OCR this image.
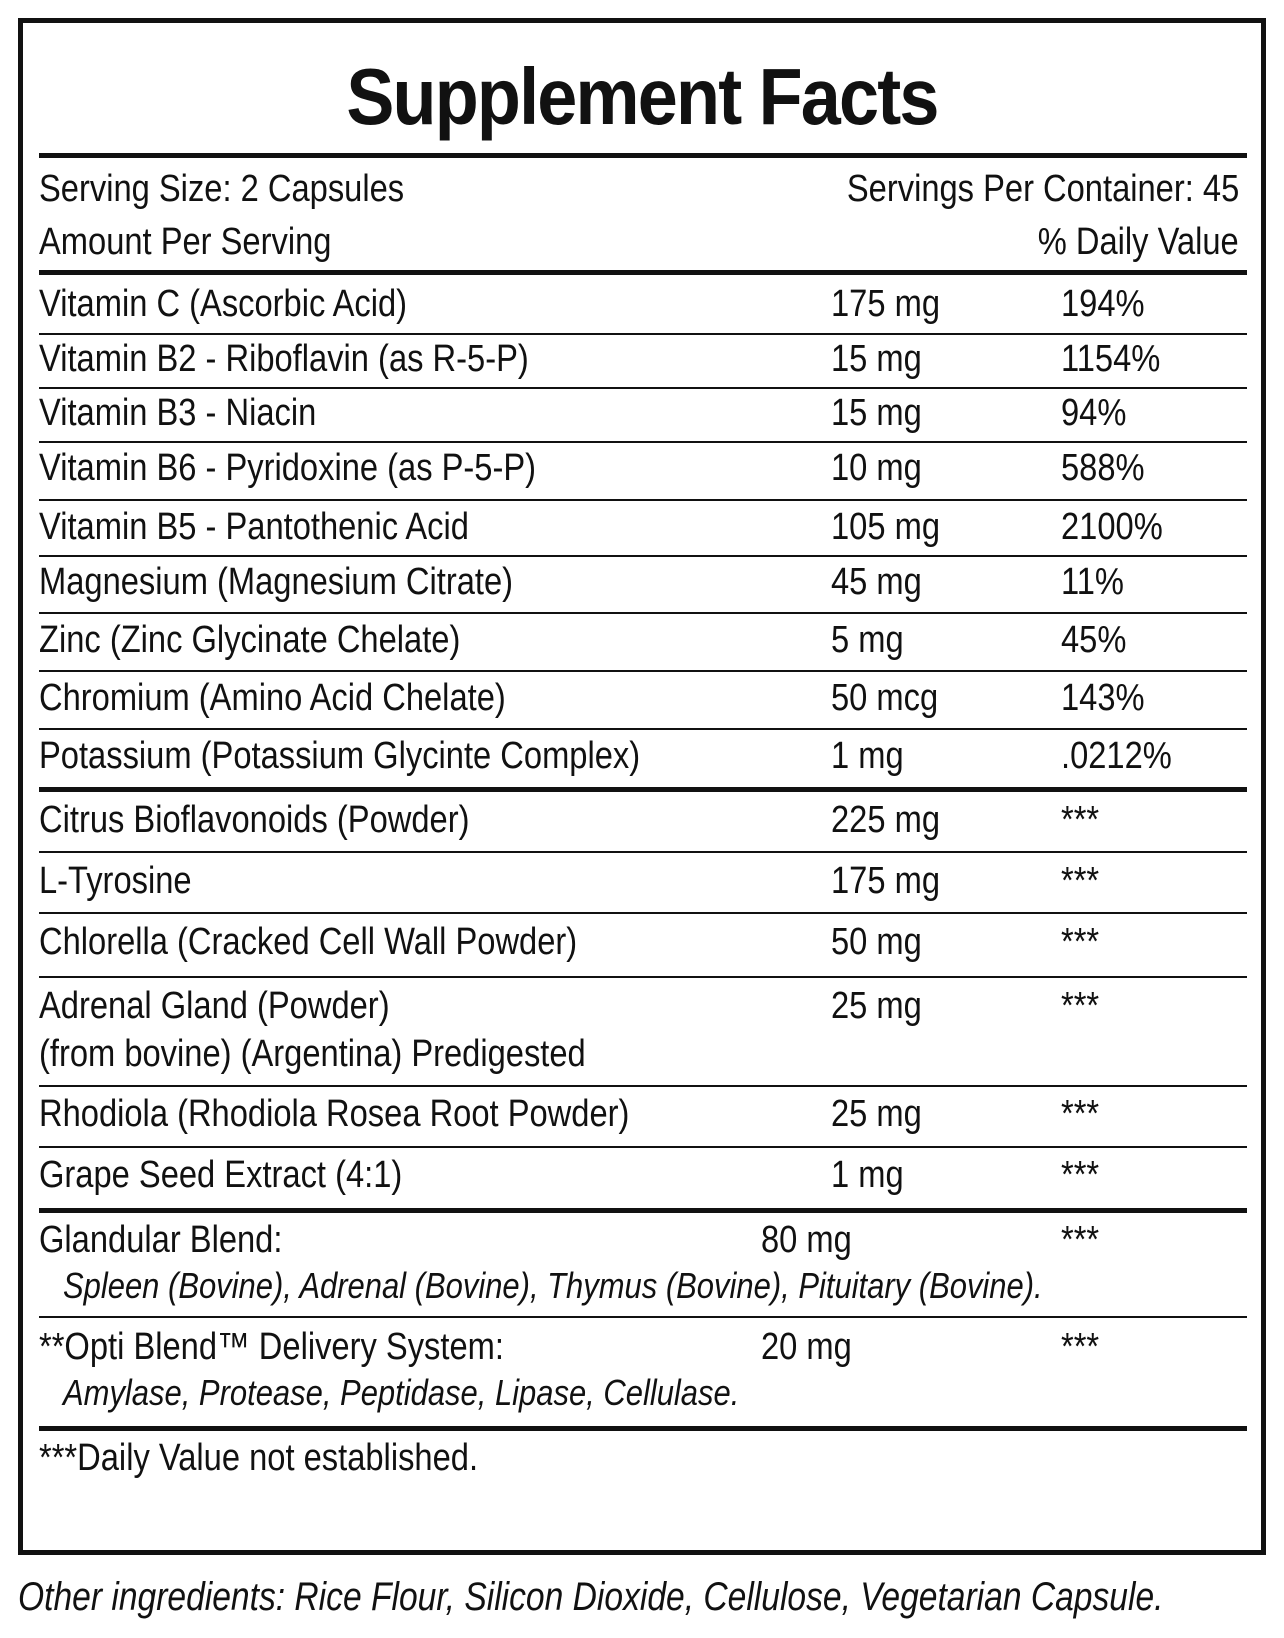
Supplement Facts
Serving Size: 2 Capsules	Servings Per Container: 45
Amount Per Serving	% Daily Value
Vitamin C (Ascorbic Acid)	175 mg	194%
Vitamin B2 - Riboflavin (as R-5-P)	15 mg	1154%
Vitamin B3 - Niacin	15 mg	94%
Vitamin B6 - Pyridoxine (as P-5-P)	10 mg	588%
Vitamin B5 - Pantothenic Acid	105 mg	2100%
Magnesium (Magnesium Citrate)	45 mg	11%
Zinc (Zinc Glycinate Chelate)	5 mg	45%
Chromium (Amino Acid Chelate)	50 mcg	143%
Potassium (Potassium Glycinte Complex)	1 mg	.0212%
Citrus Bioflavonoids (Powder)	225 mg	***
L-Tyrosine	175 mg	***
Chlorella (Cracked Cell Wall Powder)	50 mg	***
Adrenal Gland (Powder)
(from bovine) (Argentina) Predigested
25 mg	***
Rhodiola (Rhodiola Rosea Root Powder)	25 mg	***
Grape Seed Extract (4:1)	1 mg	***
Glandular Blend:	80 mg	***
Spleen (Bovine), Adrenal (Bovine), Thymus (Bovine), Pituitary (Bovine).
**Opti Blend™ Delivery System:	20 mg	***
Amylase, Protease, Peptidase, Lipase, Cellulase.
***Daily Value not established.
Other ingredients: Rice Flour, Silicon Dioxide, Cellulose, Vegetarian Capsule.
